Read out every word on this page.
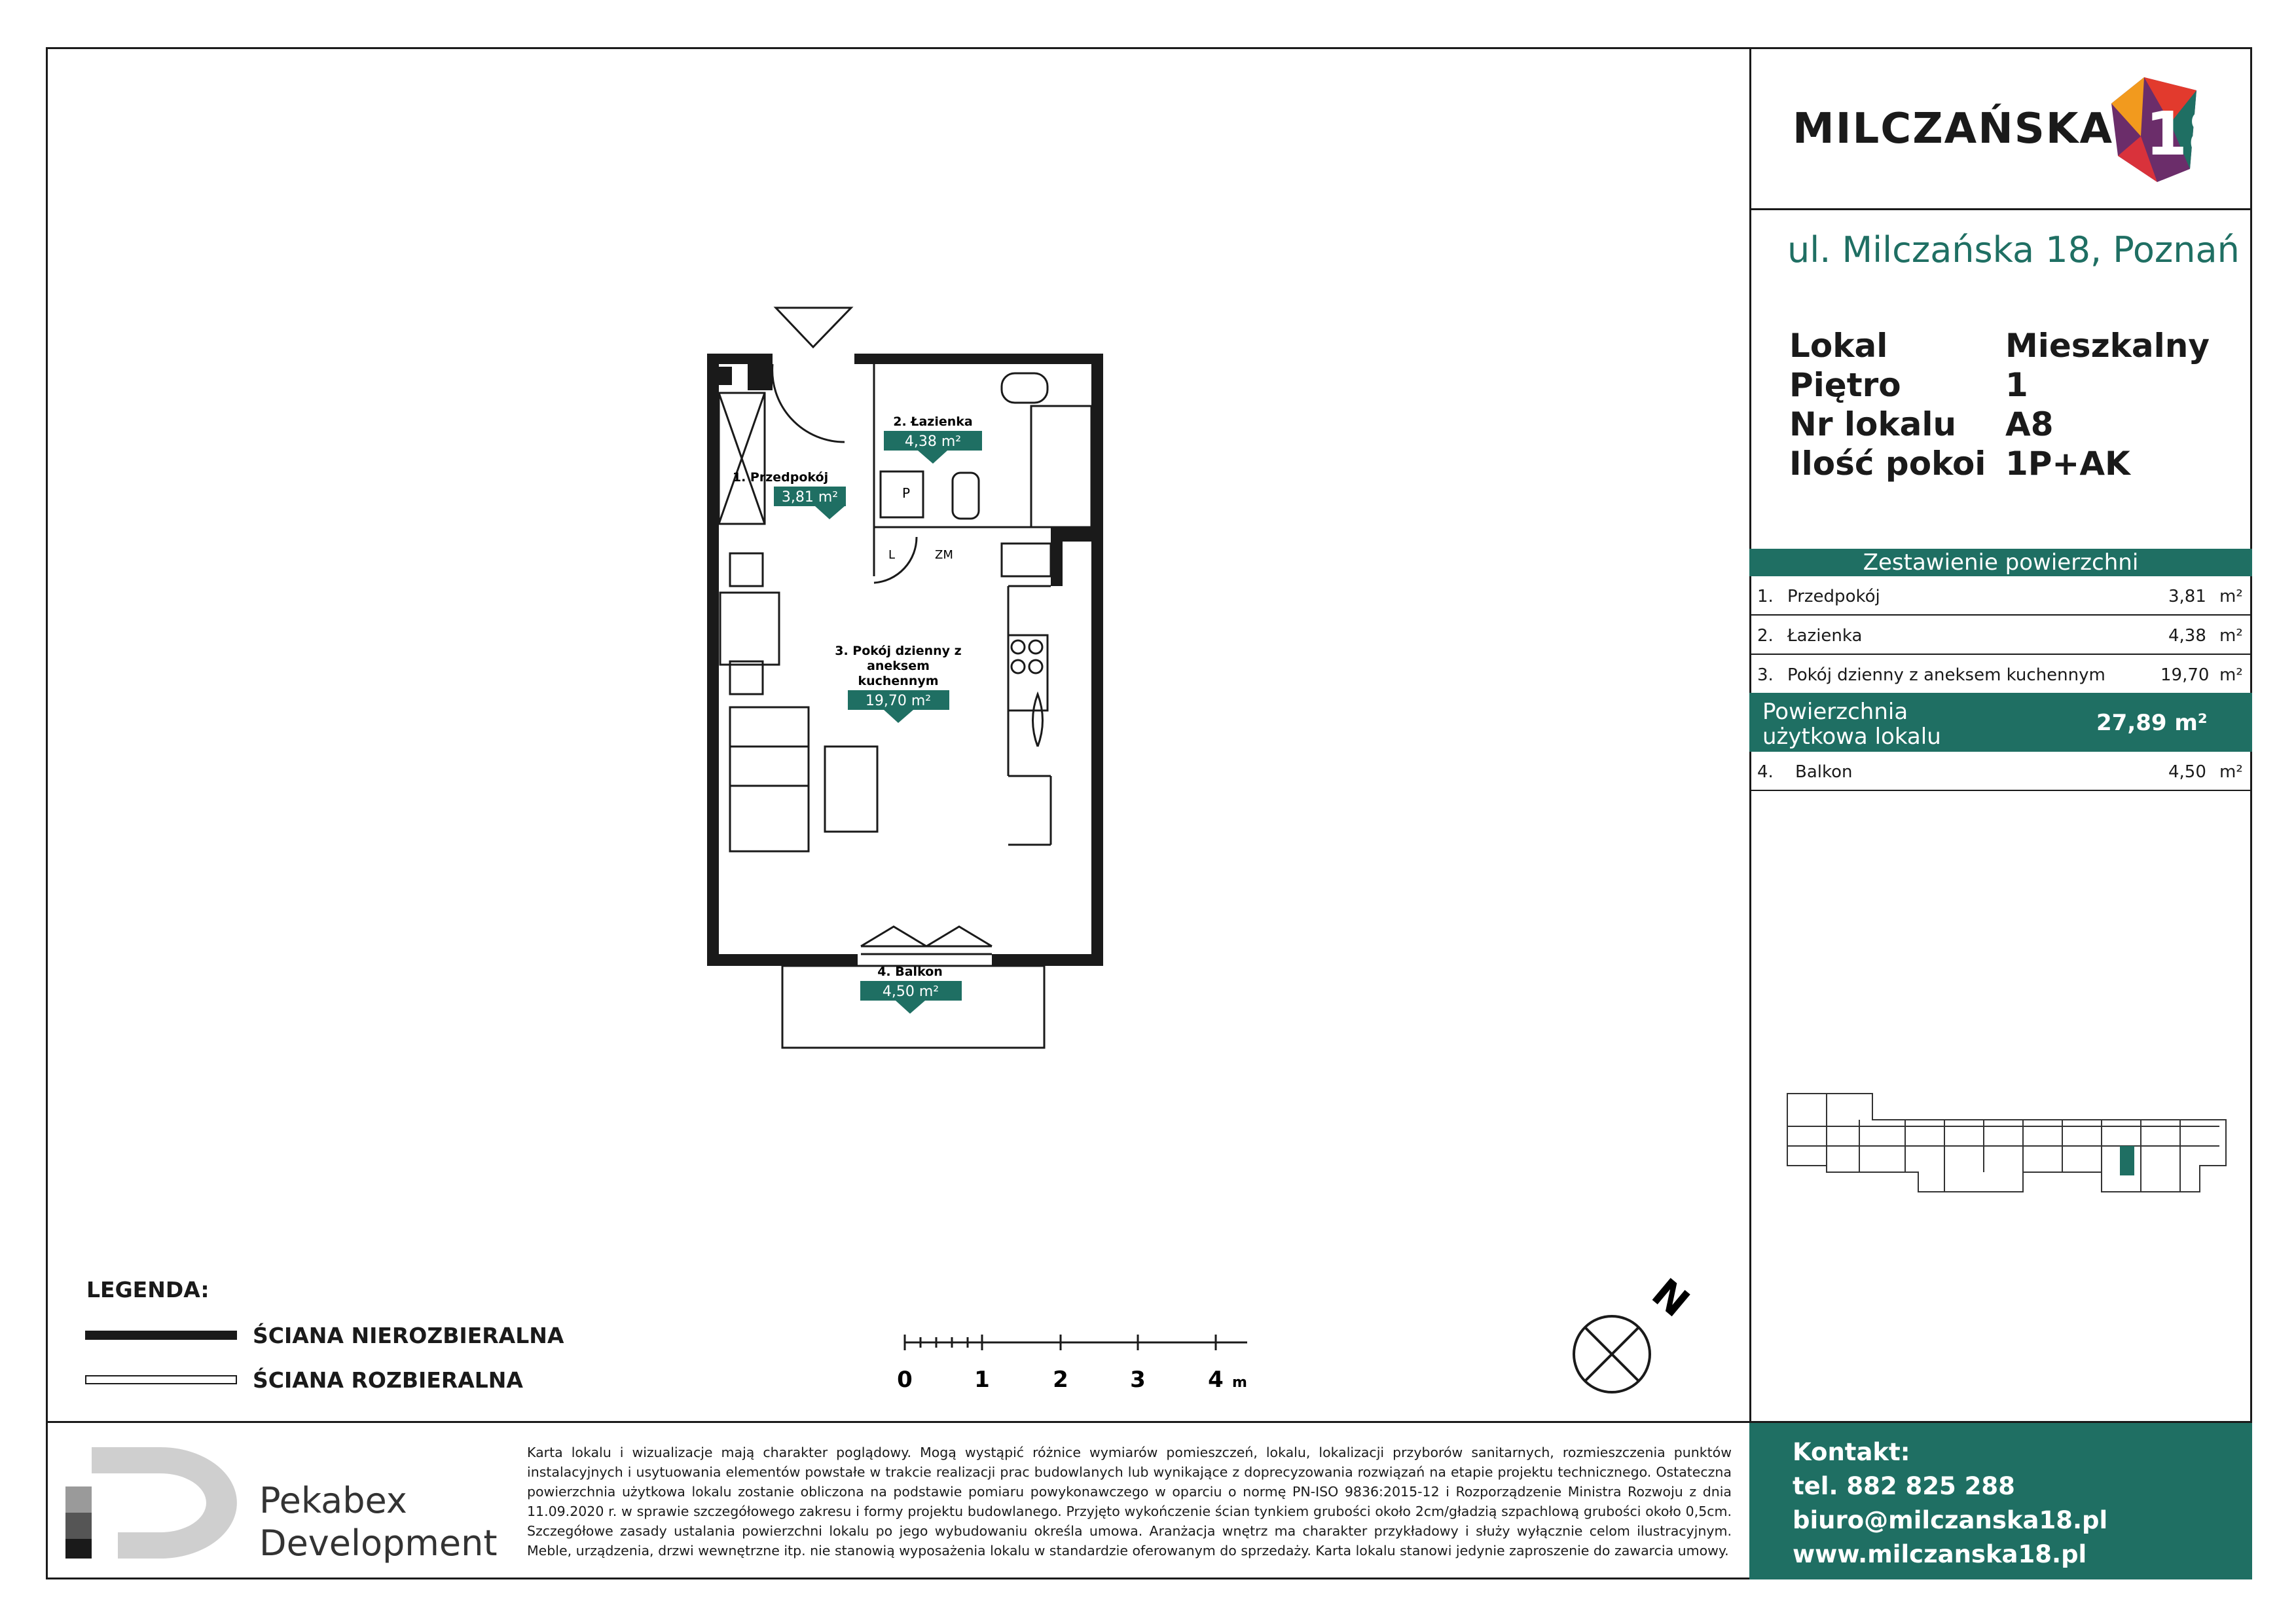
MILCZAŃSKA 18
ul. Milczańska 18, Poznań
Lokal	Mieszkalny
Piętro	1
Nr lokalu	A8
Ilość pokoi 1P+AK
Zestawienie powierzchni
1. Przedpokój	3,81 m²
2. Łazienka	4,38 m²
3. Pokój dzienny z aneksem kuchennym	19,70 m²
Powierzchnia użytkowa lokalu
27,89 m²
4. Balkon	4,50 m²
P
L	ZM
1. Przedpokój
3,81 m²
2. Łazienka
4,38 m²
3. Pokój dzienny z
aneksem
kuchennym
19,70 m²
4. Balkon
4,50 m²
LEGENDA:
ŚCIANA NIEROZBIERALNA
ŚCIANA ROZBIERALNA	0	1	2	3	4 m
N
Pekabex
Development
Karta lokalu i wizualizacje mają charakter poglądowy. Mogą wystąpić różnice wymiarów pomieszczeń, lokalu, lokalizacji przyborów sanitarnych, rozmieszczenia punktów instalacyjnych i usytuowania elementów powstałe w trakcie realizacji prac budowlanych lub wynikające z doprecyzowania rozwiązań na etapie projektu technicznego. Ostateczna powierzchnia użytkowa lokalu zostanie obliczona na podstawie pomiaru powykonawczego w oparciu o normę PN-ISO 9836:2015-12 i Rozporządzenie Ministra Rozwoju z dnia 11.09.2020 r. w sprawie szczegółowego zakresu i formy projektu budowlanego. Przyjęto wykończenie ścian tynkiem grubości około 2cm/gładzią szpachlową grubości około 0,5cm. Szczegółowe zasady ustalania powierzchni lokalu po jego wybudowaniu określa umowa. Aranżacja wnętrz ma charakter przykładowy i służy wyłącznie celom ilustracyjnym. Meble, urządzenia, drzwi wewnętrzne itp. nie stanowią wyposażenia lokalu w standardzie oferowanym do sprzedaży. Karta lokalu stanowi jedynie zaproszenie do zawarcia umowy.
Kontakt:
tel. 882 825 288
biuro@milczanska18.pl
www.milczanska18.pl
